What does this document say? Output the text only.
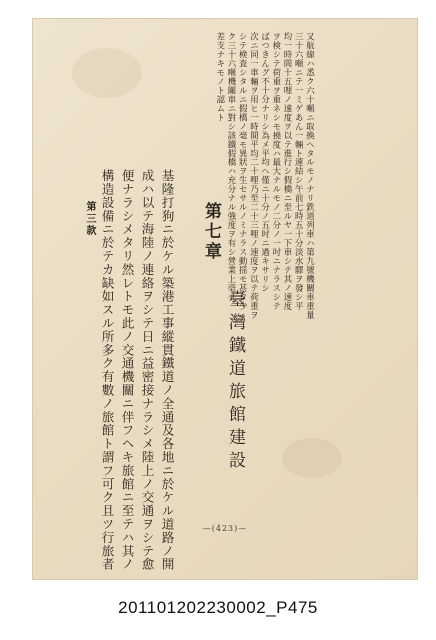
又航線ハ悉ク六十噸ニ取換ヘタルモノナリ鉄道列車ハ第九號機關車重量
三十六噸ニテ一ミゲあん一輛ト連結シ午前七時五十分淡水驛ヲ發シ平
均一時間十五哩ノ速度ヲ以テ進行シ假橋ニ至ルヤ一下車シテ其ノ速度
ヲ検シテ荷重ヲ重ネシモ撓度ハ最大ナルモノ二分ノ一吋ニナラスシテ
ばつきんグ不十分ナリシ為メ平均ヘ僅ニ十分ノ五吋ニ過キサリシ
次ニ同一車輛ヲ用ヒ一時間平均二十哩乃至二十三哩ノ速度ヲ以テ荷重ヲ
シテ検査シタルニ假橋ノ毫モ異狀ヲ生セサルノミナラス動揺モ甚タ少
ク三十六噸機關車ニ對シ該鐵假橋ハ充分ナル強度ヲ有シ營業上毫モ
差支ナキモノト認ムト
第七章
臺灣鐵道旅館建設
基隆打狗ニ於ケル築港工事縱貫鐵道ノ全通及各地ニ於ケル道路ノ開
成ハ以テ海陸ノ連絡ヲシテ日ニ益密接ナラシメ陸上ノ交通ヲシテ愈
便ナラシメタリ然レトモ此ノ交通機關ニ伴フヘキ旅館ニ至テハ其ノ
構造設備ニ於テカ缺如スル所多ク有數ノ旅館ト謂フ可ク且ツ行旅者
第三款
—(423)—
201101202230002_P475
